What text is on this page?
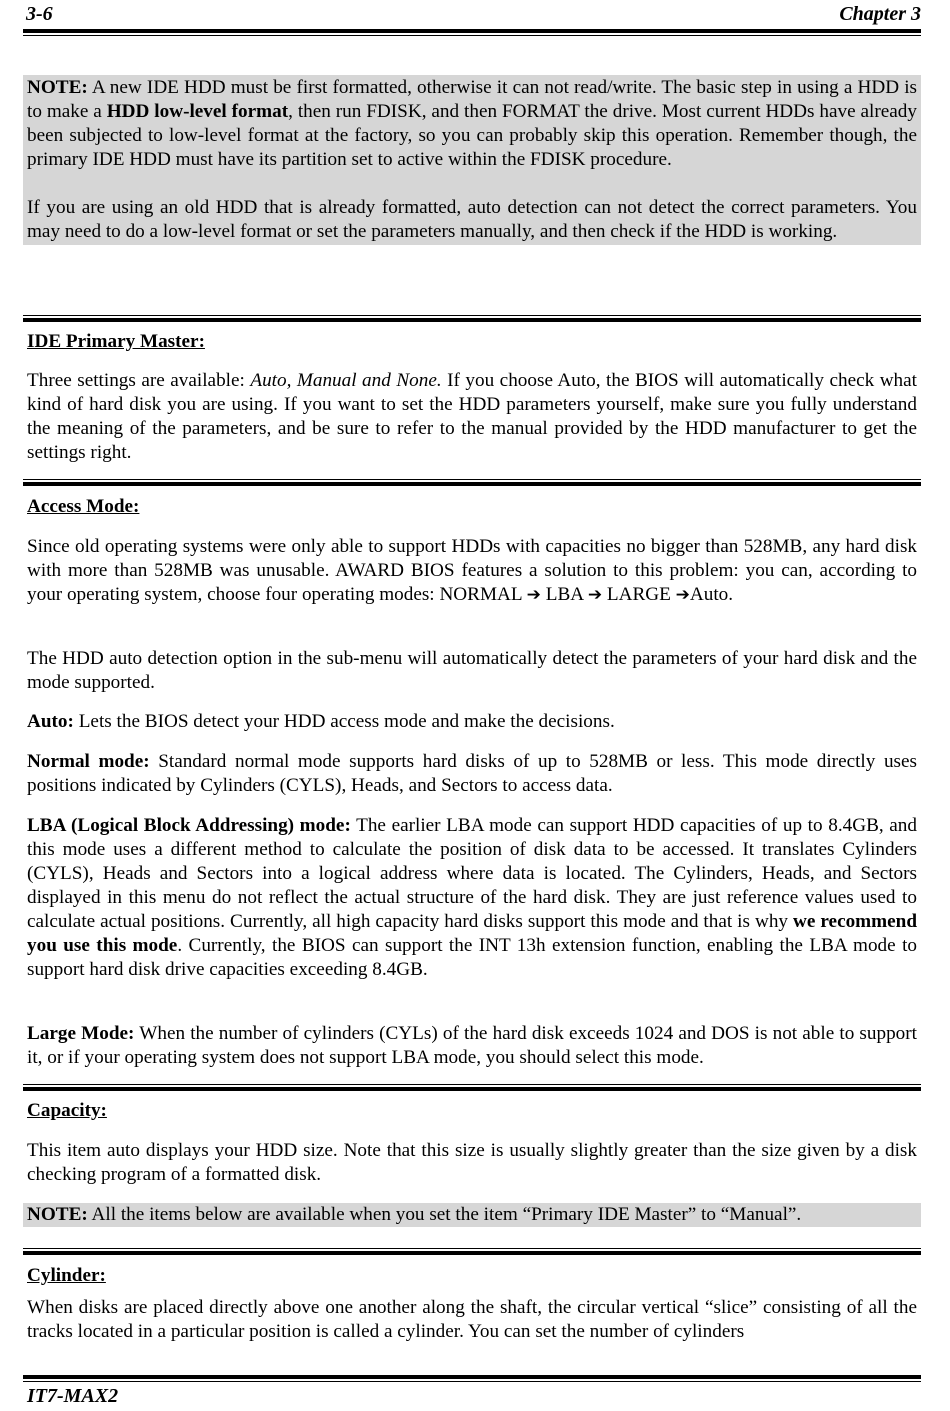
3-6	Chapter 3

NOTE: A new IDE HDD must be first formatted, otherwise it can not read/write. The basic step in using a HDD is to make a HDD low-level format, then run FDISK, and then FORMAT the drive. Most current HDDs have already been subjected to low-level format at the factory, so you can probably skip this operation. Remember though, the primary IDE HDD must have its partition set to active within the FDISK procedure.

If you are using an old HDD that is already formatted, auto detection can not detect the correct parameters. You may need to do a low-level format or set the parameters manually, and then check if the HDD is working.

IDE Primary Master:
Three settings are available: Auto, Manual and None. If you choose Auto, the BIOS will automatically check what kind of hard disk you are using. If you want to set the HDD parameters yourself, make sure you fully understand the meaning of the parameters, and be sure to refer to the manual provided by the HDD manufacturer to get the settings right.
Access Mode:
Since old operating systems were only able to support HDDs with capacities no bigger than 528MB, any hard disk with more than 528MB was unusable. AWARD BIOS features a solution to this problem: you can, according to your operating system, choose four operating modes: NORMAL ➔ LBA ➔ LARGE ➔Auto.
The HDD auto detection option in the sub-menu will automatically detect the parameters of your hard disk and the mode supported.
Auto: Lets the BIOS detect your HDD access mode and make the decisions.
Normal mode: Standard normal mode supports hard disks of up to 528MB or less. This mode directly uses positions indicated by Cylinders (CYLS), Heads, and Sectors to access data.
LBA (Logical Block Addressing) mode: The earlier LBA mode can support HDD capacities of up to 8.4GB, and this mode uses a different method to calculate the position of disk data to be accessed. It translates Cylinders (CYLS), Heads and Sectors into a logical address where data is located. The Cylinders, Heads, and Sectors displayed in this menu do not reflect the actual structure of the hard disk. They are just reference values used to calculate actual positions. Currently, all high capacity hard disks support this mode and that is why we recommend you use this mode. Currently, the BIOS can support the INT 13h extension function, enabling the LBA mode to support hard disk drive capacities exceeding 8.4GB.
Large Mode: When the number of cylinders (CYLs) of the hard disk exceeds 1024 and DOS is not able to support it, or if your operating system does not support LBA mode, you should select this mode.
Capacity:
This item auto displays your HDD size. Note that this size is usually slightly greater than the size given by a disk checking program of a formatted disk.

NOTE: All the items below are available when you set the item “Primary IDE Master” to “Manual”.

Cylinder:
When disks are placed directly above one another along the shaft, the circular vertical “slice” consisting of all the tracks located in a particular position is called a cylinder. You can set the number of cylinders
IT7-MAX2
